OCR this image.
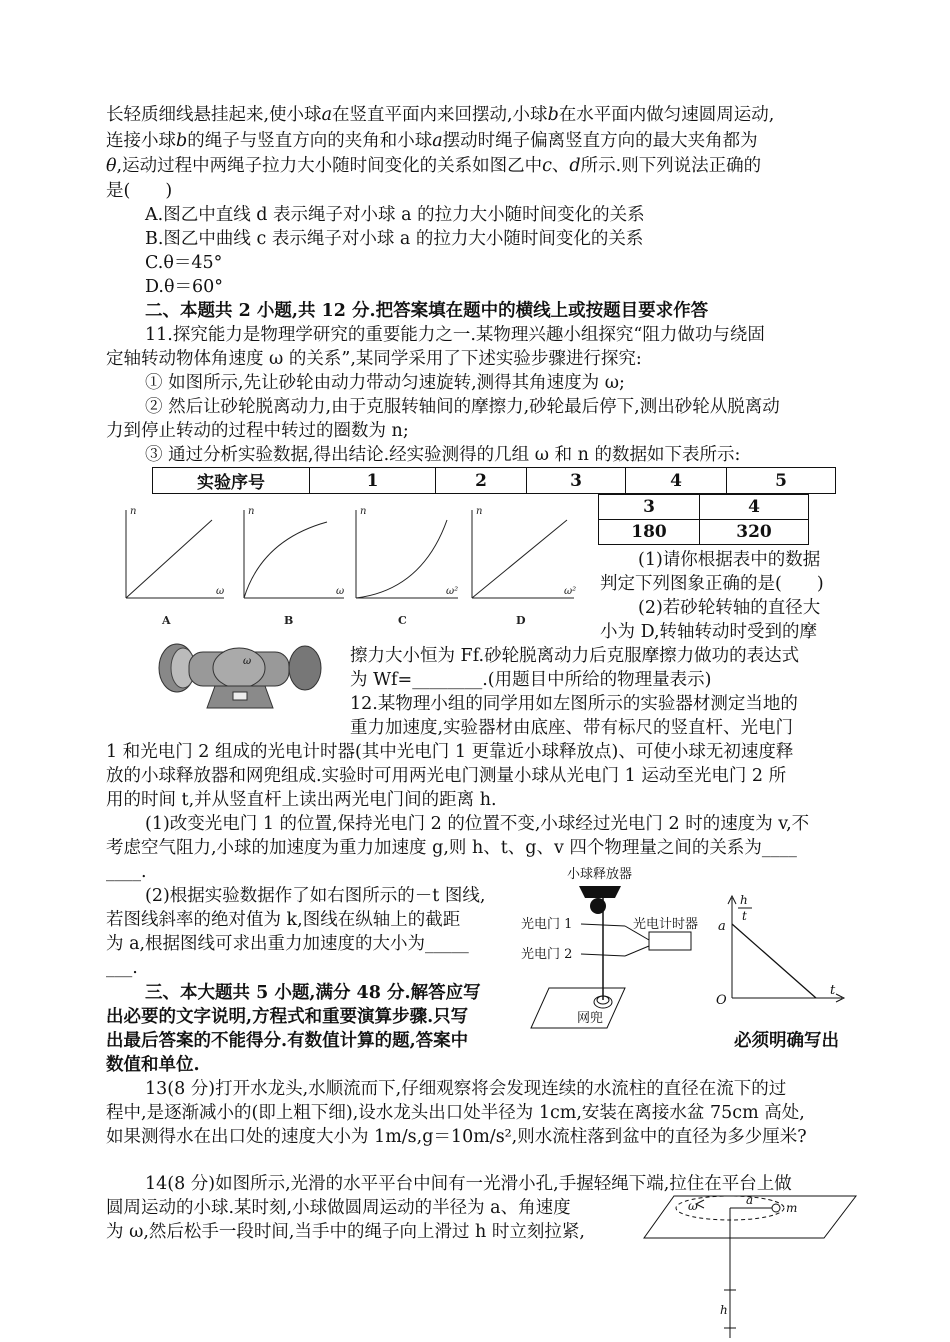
长轻质细线悬挂起来,使小球a在竖直平面内来回摆动,小球b在水平面内做匀速圆周运动,
连接小球b的绳子与竖直方向的夹角和小球a摆动时绳子偏离竖直方向的最大夹角都为
θ,运动过程中两绳子拉力大小随时间变化的关系如图乙中c、d所示.则下列说法正确的
是(　　)
A.图乙中直线 d 表示绳子对小球 a 的拉力大小随时间变化的关系
B.图乙中曲线 c 表示绳子对小球 a 的拉力大小随时间变化的关系
C.θ＝45°
D.θ＝60°
二、本题共 2 小题,共 12 分.把答案填在题中的横线上或按题目要求作答
11.探究能力是物理学研究的重要能力之一.某物理兴趣小组探究“阻力做功与绕固
定轴转动物体角速度 ω 的关系”,某同学采用了下述实验步骤进行探究:
① 如图所示,先让砂轮由动力带动匀速旋转,测得其角速度为 ω;
② 然后让砂轮脱离动力,由于克服转轴间的摩擦力,砂轮最后停下,测出砂轮从脱离动
力到停止转动的过程中转过的圈数为 n;
③ 通过分析实验数据,得出结论.经实验测得的几组 ω 和 n 的数据如下表所示:
实验序号	1	2	3	4	5
3	4
180	320
n
ω
n
ω
n
ω²
n
ω²
A	B	C	D
(1)请你根据表中的数据
判定下列图象正确的是(　　)
(2)若砂轮转轴的直径大
小为 D,转轴转动时受到的摩
擦力大小恒为 Ff.砂轮脱离动力后克服摩擦力做功的表达式
为 Wf=________.(用题目中所给的物理量表示)
ω
12.某物理小组的同学用如左图所示的实验器材测定当地的
重力加速度,实验器材由底座、带有标尺的竖直杆、光电门
1 和光电门 2 组成的光电计时器(其中光电门 1 更靠近小球释放点)、可使小球无初速度释
放的小球释放器和网兜组成.实验时可用两光电门测量小球从光电门 1 运动至光电门 2 所
用的时间 t,并从竖直杆上读出两光电门间的距离 h.
(1)改变光电门 1 的位置,保持光电门 2 的位置不变,小球经过光电门 2 时的速度为 v,不
考虑空气阻力,小球的加速度为重力加速度 g,则 h、t、g、v 四个物理量之间的关系为____
____.
(2)根据实验数据作了如右图所示的－t 图线,
若图线斜率的绝对值为 k,图线在纵轴上的截距
为 a,根据图线可求出重力加速度的大小为_____
___.
小球释放器
光电门 1
光电门 2
光电计时器
网兜
h
t
a
O
t
三、本大题共 5 小题,满分 48 分.解答应写
出必要的文字说明,方程式和重要演算步骤.只写
出最后答案的不能得分.有数值计算的题,答案中	必须明确写出
数值和单位.
13(8 分)打开水龙头,水顺流而下,仔细观察将会发现连续的水流柱的直径在流下的过
程中,是逐渐减小的(即上粗下细),设水龙头出口处半径为 1cm,安装在离接水盆 75cm 高处,
如果测得水在出口处的速度大小为 1m/s,g＝10m/s²,则水流柱落到盆中的直径为多少厘米?
14(8 分)如图所示,光滑的水平平台中间有一光滑小孔,手握轻绳下端,拉住在平台上做
圆周运动的小球.某时刻,小球做圆周运动的半径为 a、角速度
为 ω,然后松手一段时间,当手中的绳子向上滑过 h 时立刻拉紧,
ω	a
m
h
